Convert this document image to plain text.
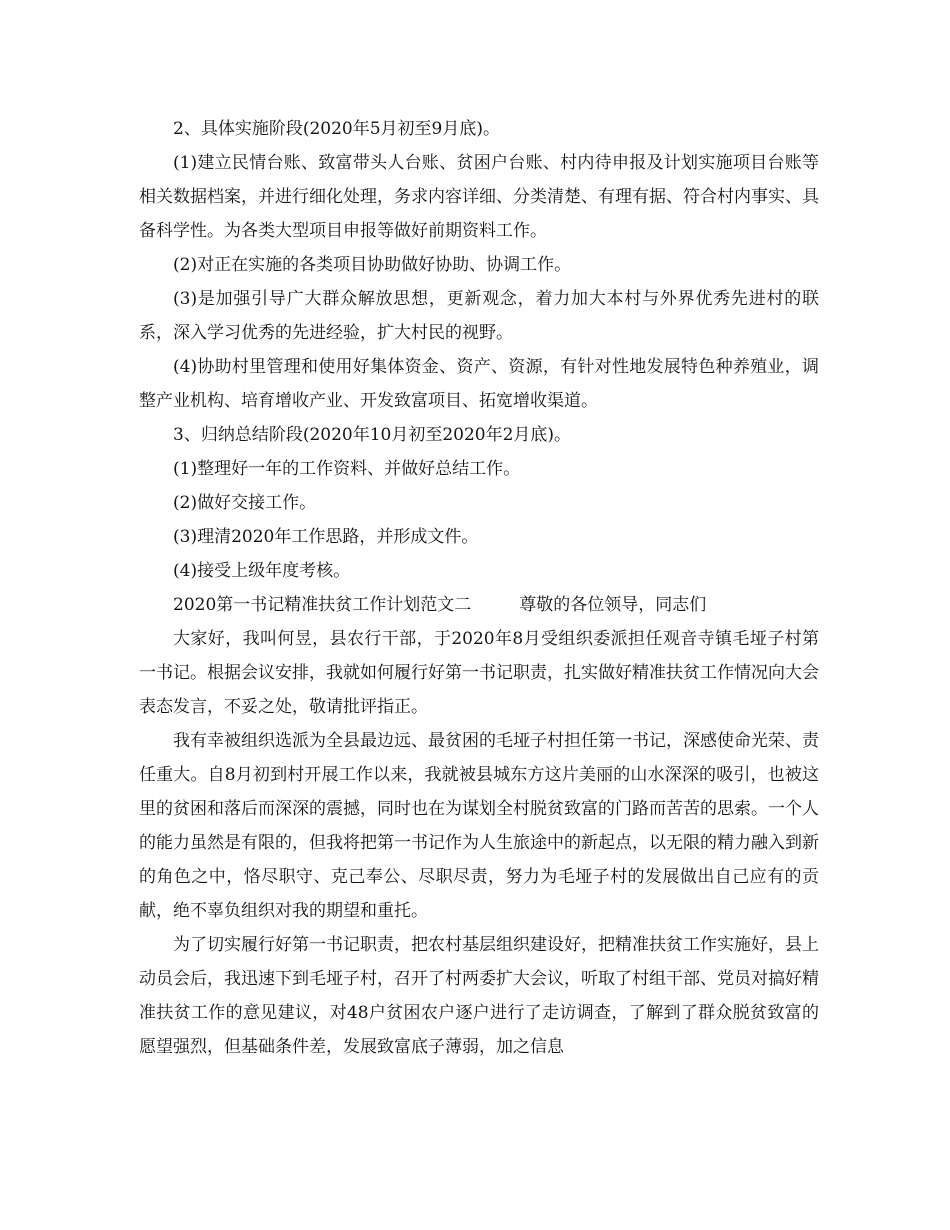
2、具体实施阶段(2020年5月初至9月底)。

(1)建立民情台账、致富带头人台账、贫困户台账、村内待申报及计划实施项目台账等相关数据档案，并进行细化处理，务求内容详细、分类清楚、有理有据、符合村内事实、具备科学性。为各类大型项目申报等做好前期资料工作。

(2)对正在实施的各类项目协助做好协助、协调工作。

(3)是加强引导广大群众解放思想，更新观念，着力加大本村与外界优秀先进村的联系，深入学习优秀的先进经验，扩大村民的视野。

(4)协助村里管理和使用好集体资金、资产、资源，有针对性地发展特色种养殖业，调整产业机构、培育增收产业、开发致富项目、拓宽增收渠道。

3、归纳总结阶段(2020年10月初至2020年2月底)。

(1)整理好一年的工作资料、并做好总结工作。

(2)做好交接工作。

(3)理清2020年工作思路，并形成文件。

(4)接受上级年度考核。

2020第一书记精准扶贫工作计划范文二	尊敬的各位领导，同志们

大家好，我叫何昱，县农行干部，于2020年8月受组织委派担任观音寺镇毛垭子村第一书记。根据会议安排，我就如何履行好第一书记职责，扎实做好精准扶贫工作情况向大会表态发言，不妥之处，敬请批评指正。

我有幸被组织选派为全县最边远、最贫困的毛垭子村担任第一书记，深感使命光荣、责任重大。自8月初到村开展工作以来，我就被县城东方这片美丽的山水深深的吸引，也被这里的贫困和落后而深深的震撼，同时也在为谋划全村脱贫致富的门路而苦苦的思索。一个人的能力虽然是有限的，但我将把第一书记作为人生旅途中的新起点，以无限的精力融入到新的角色之中，恪尽职守、克己奉公、尽职尽责，努力为毛垭子村的发展做出自己应有的贡献，绝不辜负组织对我的期望和重托。

为了切实履行好第一书记职责，把农村基层组织建设好，把精准扶贫工作实施好，县上动员会后，我迅速下到毛垭子村，召开了村两委扩大会议，听取了村组干部、党员对搞好精准扶贫工作的意见建议，对48户贫困农户逐户进行了走访调查，了解到了群众脱贫致富的愿望强烈，但基础条件差，发展致富底子薄弱，加之信息
